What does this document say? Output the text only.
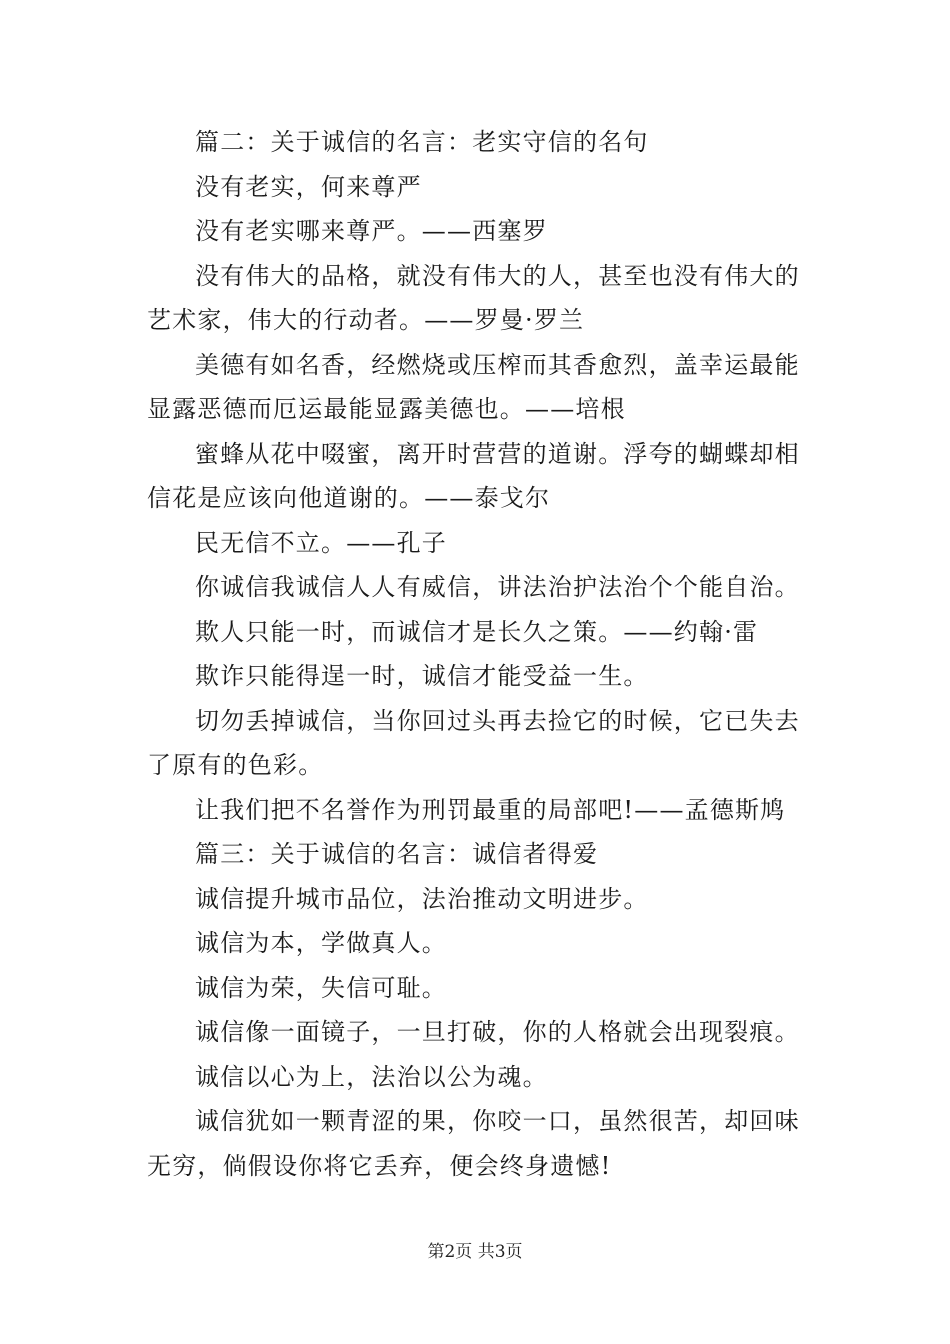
篇二：关于诚信的名言：老实守信的名句

没有老实，何来尊严

没有老实哪来尊严。——西塞罗

没有伟大的品格，就没有伟大的人，甚至也没有伟大的艺术家，伟大的行动者。——罗曼·罗兰

美德有如名香，经燃烧或压榨而其香愈烈，盖幸运最能显露恶德而厄运最能显露美德也。——培根

蜜蜂从花中啜蜜，离开时营营的道谢。浮夸的蝴蝶却相信花是应该向他道谢的。——泰戈尔

民无信不立。——孔子

你诚信我诚信人人有威信，讲法治护法治个个能自治。

欺人只能一时，而诚信才是长久之策。——约翰·雷

欺诈只能得逞一时，诚信才能受益一生。

切勿丢掉诚信，当你回过头再去捡它的时候，它已失去了原有的色彩。

让我们把不名誉作为刑罚最重的局部吧!——孟德斯鸠

篇三：关于诚信的名言：诚信者得爱

诚信提升城市品位，法治推动文明进步。

诚信为本，学做真人。

诚信为荣，失信可耻。

诚信像一面镜子，一旦打破，你的人格就会出现裂痕。

诚信以心为上，法治以公为魂。

诚信犹如一颗青涩的果，你咬一口，虽然很苦，却回味无穷，倘假设你将它丢弃，便会终身遗憾!

第2页 共3页
